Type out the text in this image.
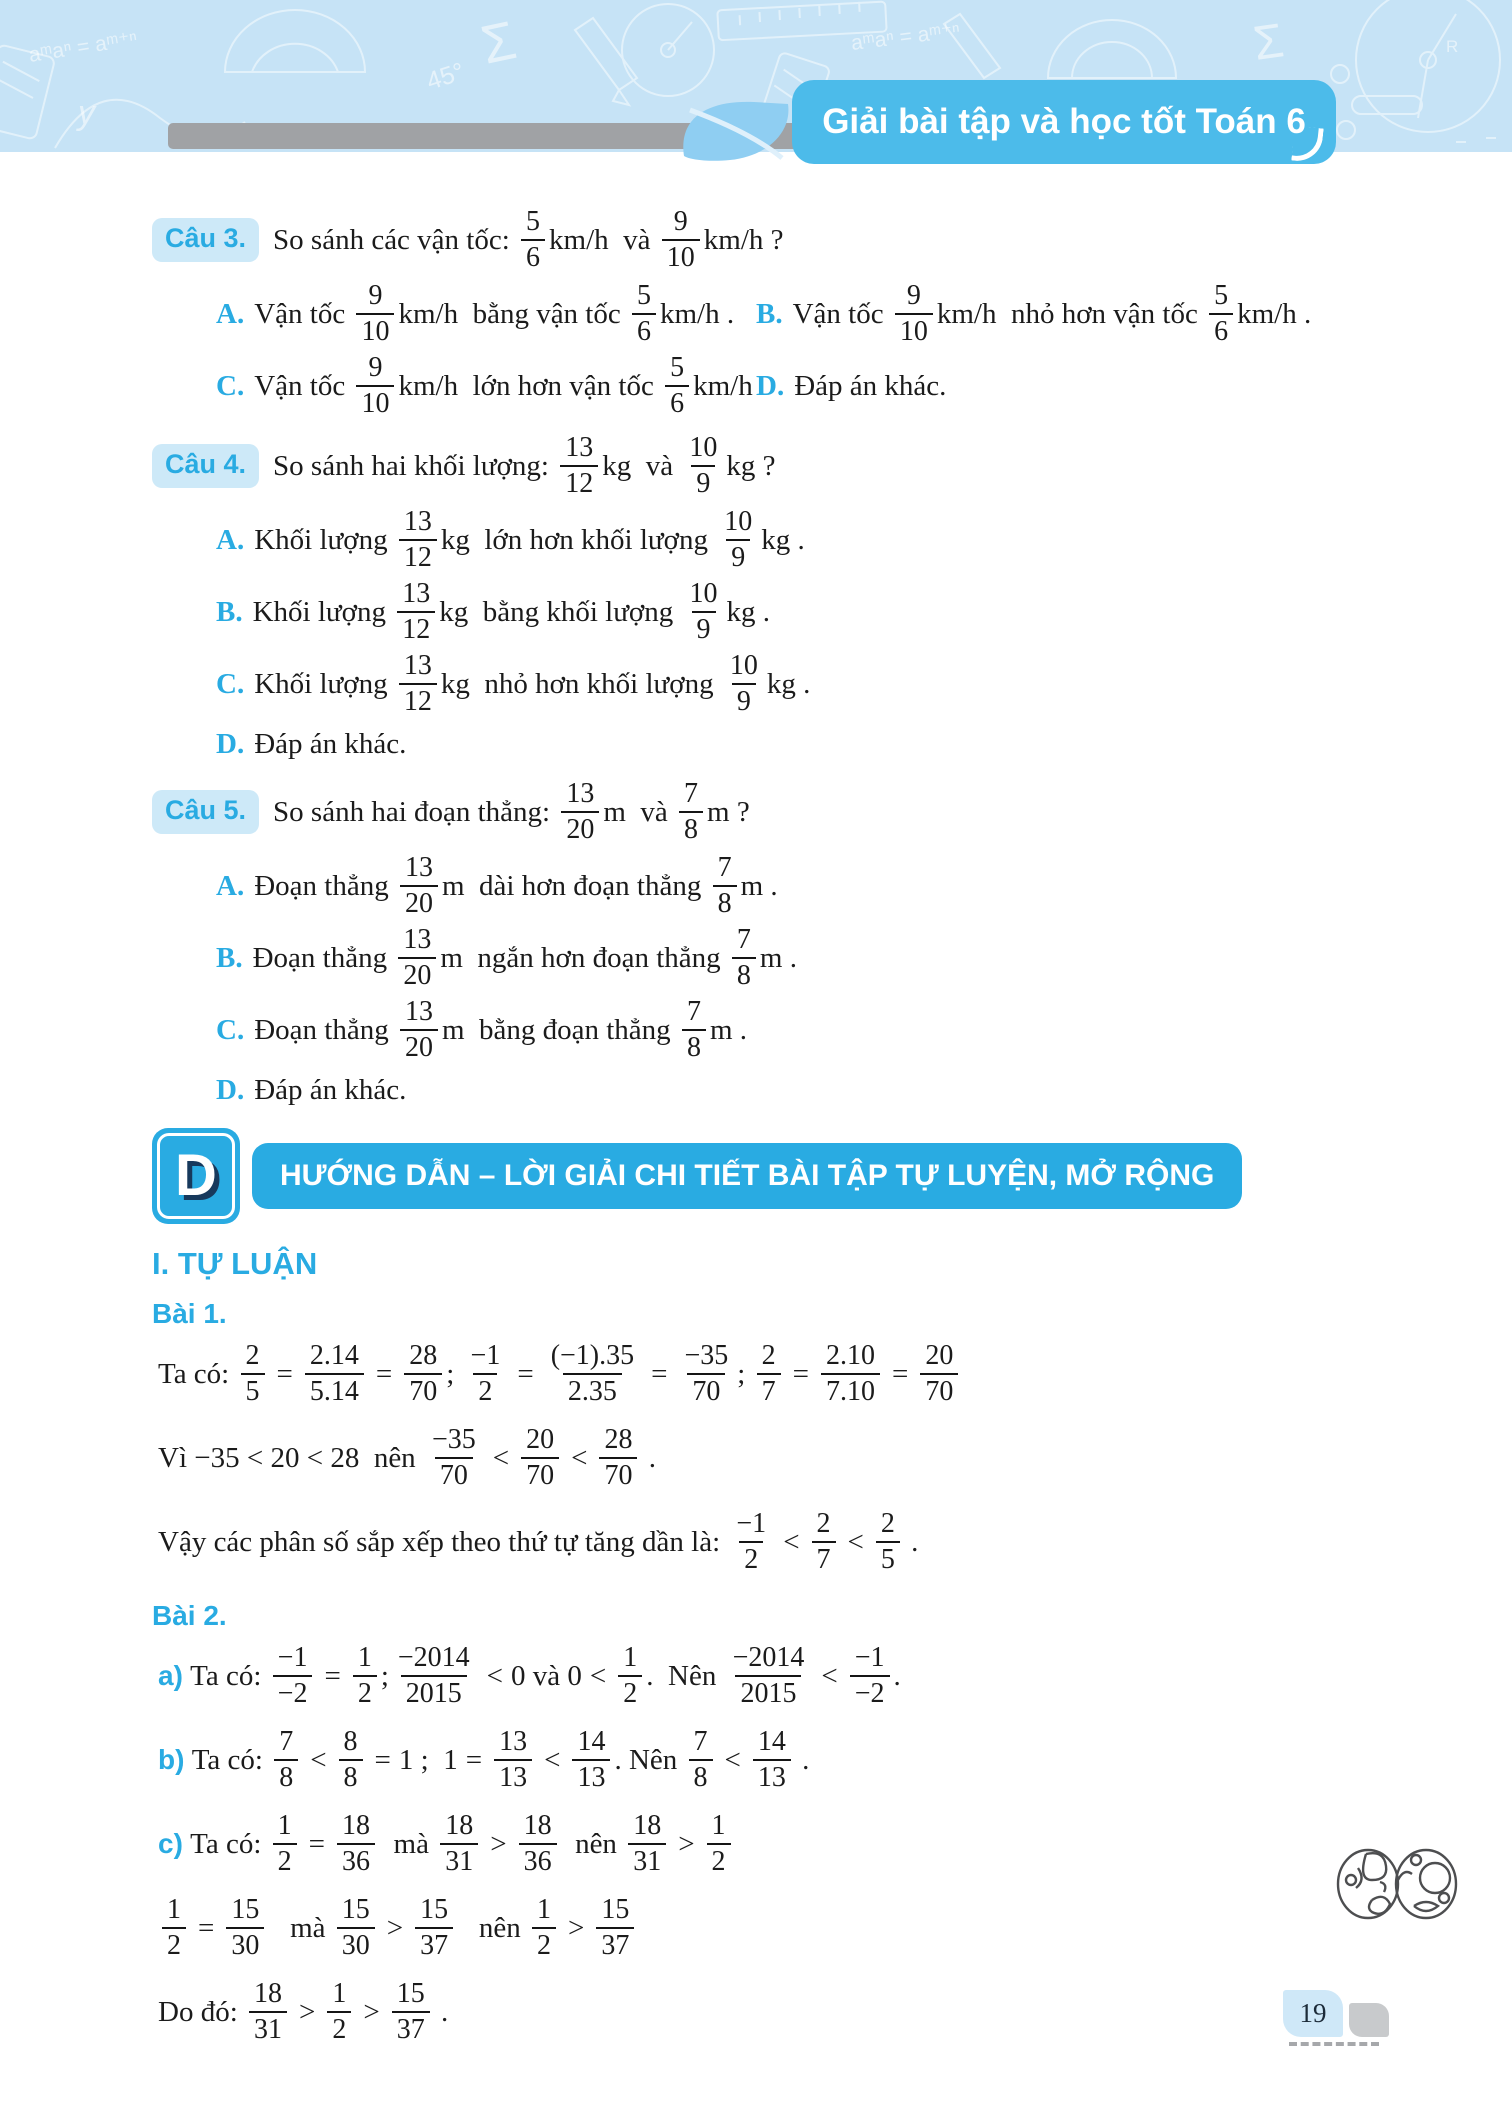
aᵐaⁿ = aᵐ⁺ⁿ	aᵐaⁿ = aᵐ⁺ⁿ
45°
Σ	Σ
y
R
Giải bài tập và học tốt Toán 6
Câu 3. So sánh các vận tốc: $\frac{5}{6} km/h$  và $\frac{9}{10} km/h$ ?
A. Vận tốc $\frac{9}{10} km/h$  bằng vận tốc $\frac{5}{6} km/h$ . B. Vận tốc $\frac{9}{10} km/h$  nhỏ hơn vận tốc $\frac{5}{6} km/h$ .
C. Vận tốc $\frac{9}{10} km/h$  lớn hơn vận tốc $\frac{5}{6} km/h$ D. Đáp án khác.
Câu 4. So sánh hai khối lượng: $\frac{13}{12}$ kg  và $\frac{10}{9}$ kg ?
A. Khối lượng $\frac{13}{12}$ kg  lớn hơn khối lượng $\frac{10}{9}$ kg .
B. Khối lượng $\frac{13}{12}$ kg  bằng khối lượng $\frac{10}{9}$ kg .
C. Khối lượng $\frac{13}{12}$ kg  nhỏ hơn khối lượng $\frac{10}{9}$ kg .
D. Đáp án khác.
Câu 5. So sánh hai đoạn thẳng: $\frac{13}{20}$ m  và $\frac{7}{8}$ m ?
A. Đoạn thẳng $\frac{13}{20}$ m  dài hơn đoạn thẳng $\frac{7}{8}$ m .
B. Đoạn thẳng $\frac{13}{20}$ m  ngắn hơn đoạn thẳng $\frac{7}{8}$ m .
C. Đoạn thẳng $\frac{13}{20}$ m  bằng đoạn thẳng $\frac{7}{8}$ m .
D. Đáp án khác.
D	HƯỚNG DẪN – LỜI GIẢI CHI TIẾT BÀI TẬP TỰ LUYỆN, MỞ RỘNG
I. TỰ LUẬN
Bài 1.
Ta có: $\frac{2}{5} = \frac{2.14}{5.14} = \frac{28}{70}$ ; $\frac{-1}{2} = \frac{(-1).35}{2.35} = \frac{-35}{70}$ ; $\frac{2}{7} = \frac{2.10}{7.10} = \frac{20}{70}$
Vì −35 < 20 < 28  nên $\frac{-35}{70} < \frac{20}{70} < \frac{28}{70}$ .
Vậy các phân số sắp xếp theo thứ tự tăng dần là: $\frac{-1}{2} < \frac{2}{7} < \frac{2}{5}$ .
Bài 2.
a) Ta có: $\frac{-1}{-2} = \frac{1}{2}$ ; $\frac{-2014}{2015} < 0$ và $0 < \frac{1}{2}$ .  Nên $\frac{-2014}{2015} < \frac{-1}{-2}$ .
b) Ta có: $\frac{7}{8} < \frac{8}{8} = 1$ ;  $1 = \frac{13}{13} < \frac{14}{13}$ . Nên $\frac{7}{8} < \frac{14}{13}$ .
c) Ta có: $\frac{1}{2} = \frac{18}{36}$ mà $\frac{18}{31} > \frac{18}{36}$ nên $\frac{18}{31} > \frac{1}{2}$
$\frac{1}{2} = \frac{15}{30}$ mà $\frac{15}{30} > \frac{15}{37}$ nên $\frac{1}{2} > \frac{15}{37}$
Do đó: $\frac{18}{31} > \frac{1}{2} > \frac{15}{37}$ .	19
